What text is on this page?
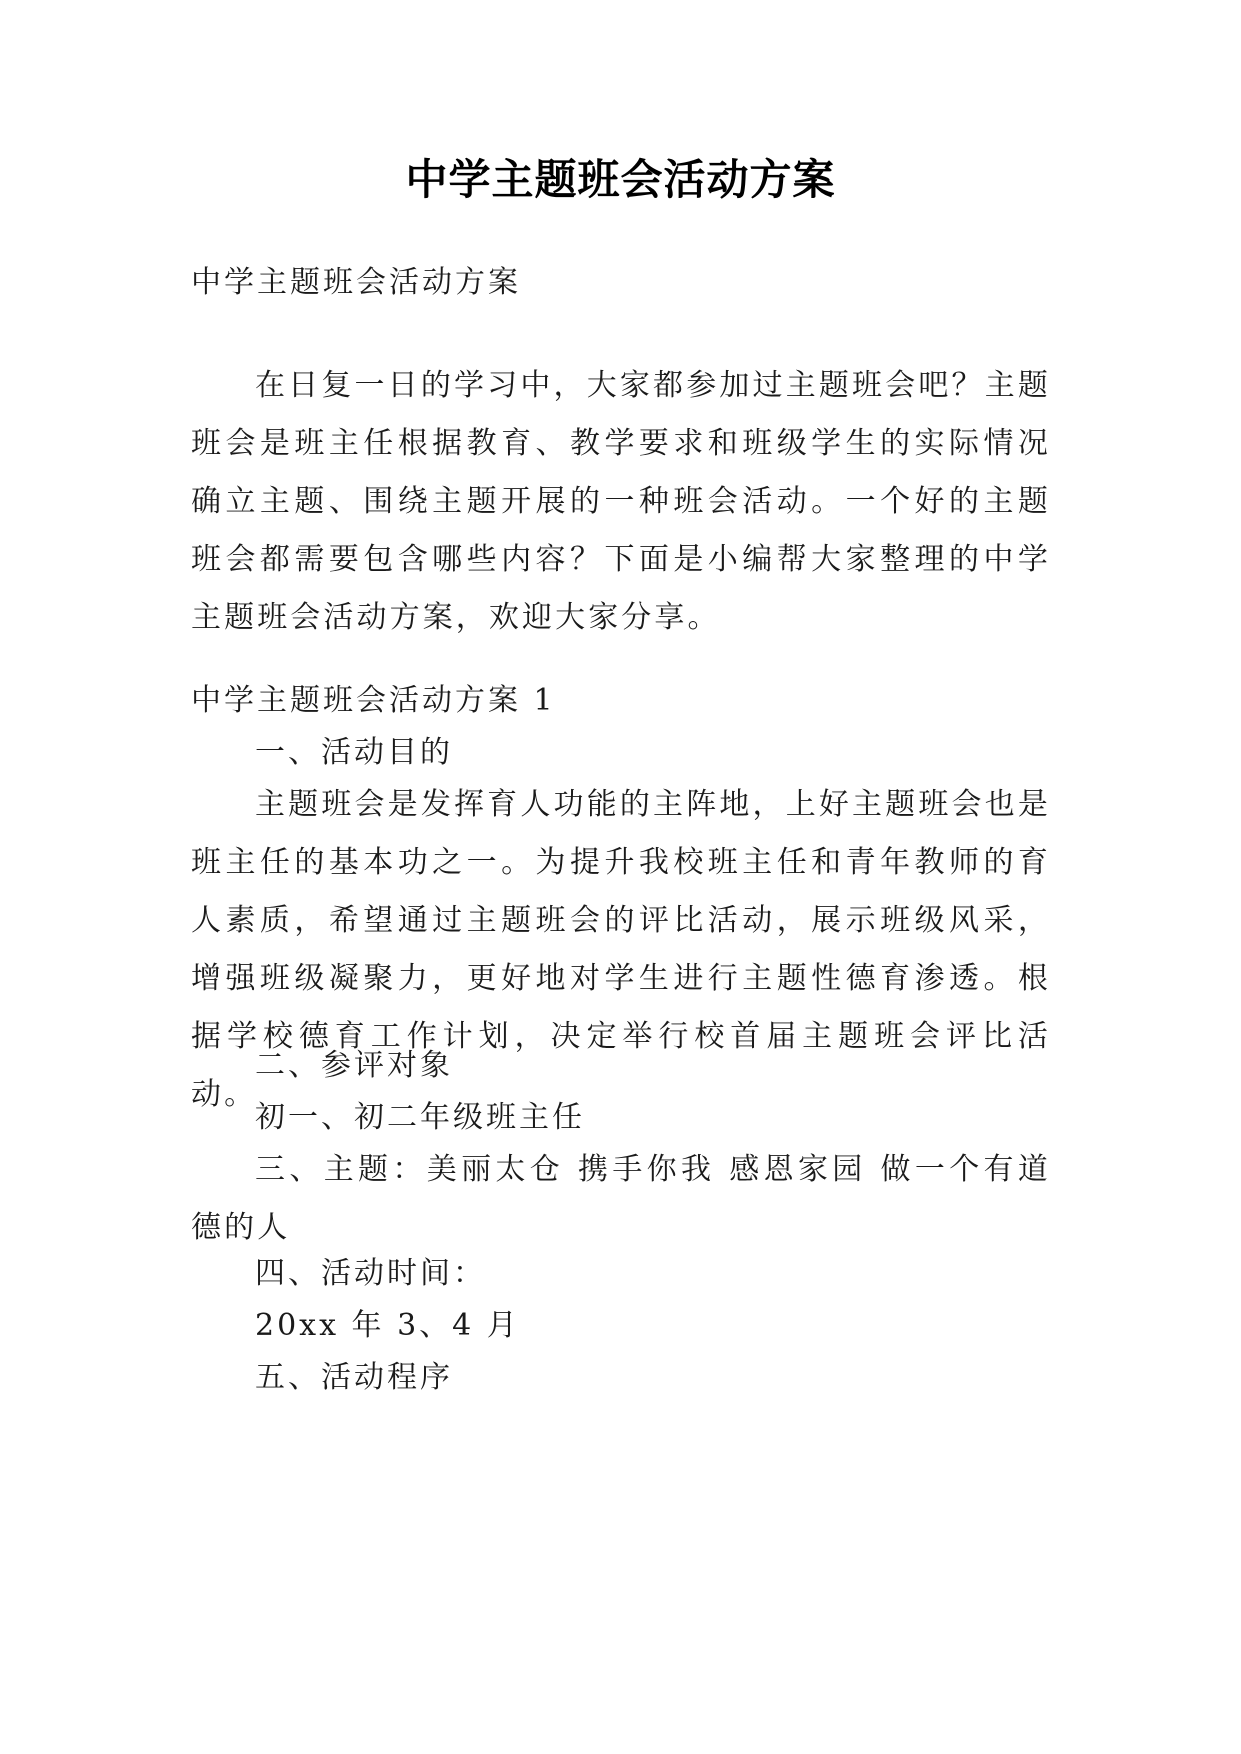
中学主题班会活动方案
中学主题班会活动方案

在日复一日的学习中，大家都参加过主题班会吧？主题班会是班主任根据教育、教学要求和班级学生的实际情况确立主题、围绕主题开展的一种班会活动。一个好的主题班会都需要包含哪些内容？下面是小编帮大家整理的中学主题班会活动方案，欢迎大家分享。

中学主题班会活动方案 1
一、活动目的

主题班会是发挥育人功能的主阵地，上好主题班会也是班主任的基本功之一。为提升我校班主任和青年教师的育人素质，希望通过主题班会的评比活动，展示班级风采，增强班级凝聚力，更好地对学生进行主题性德育渗透。根据学校德育工作计划，决定举行校首届主题班会评比活动。

二、参评对象
初一、初二年级班主任

三、主题：美丽太仓 携手你我 感恩家园 做一个有道德的人

四、活动时间：
20xx 年 3、4 月
五、活动程序
